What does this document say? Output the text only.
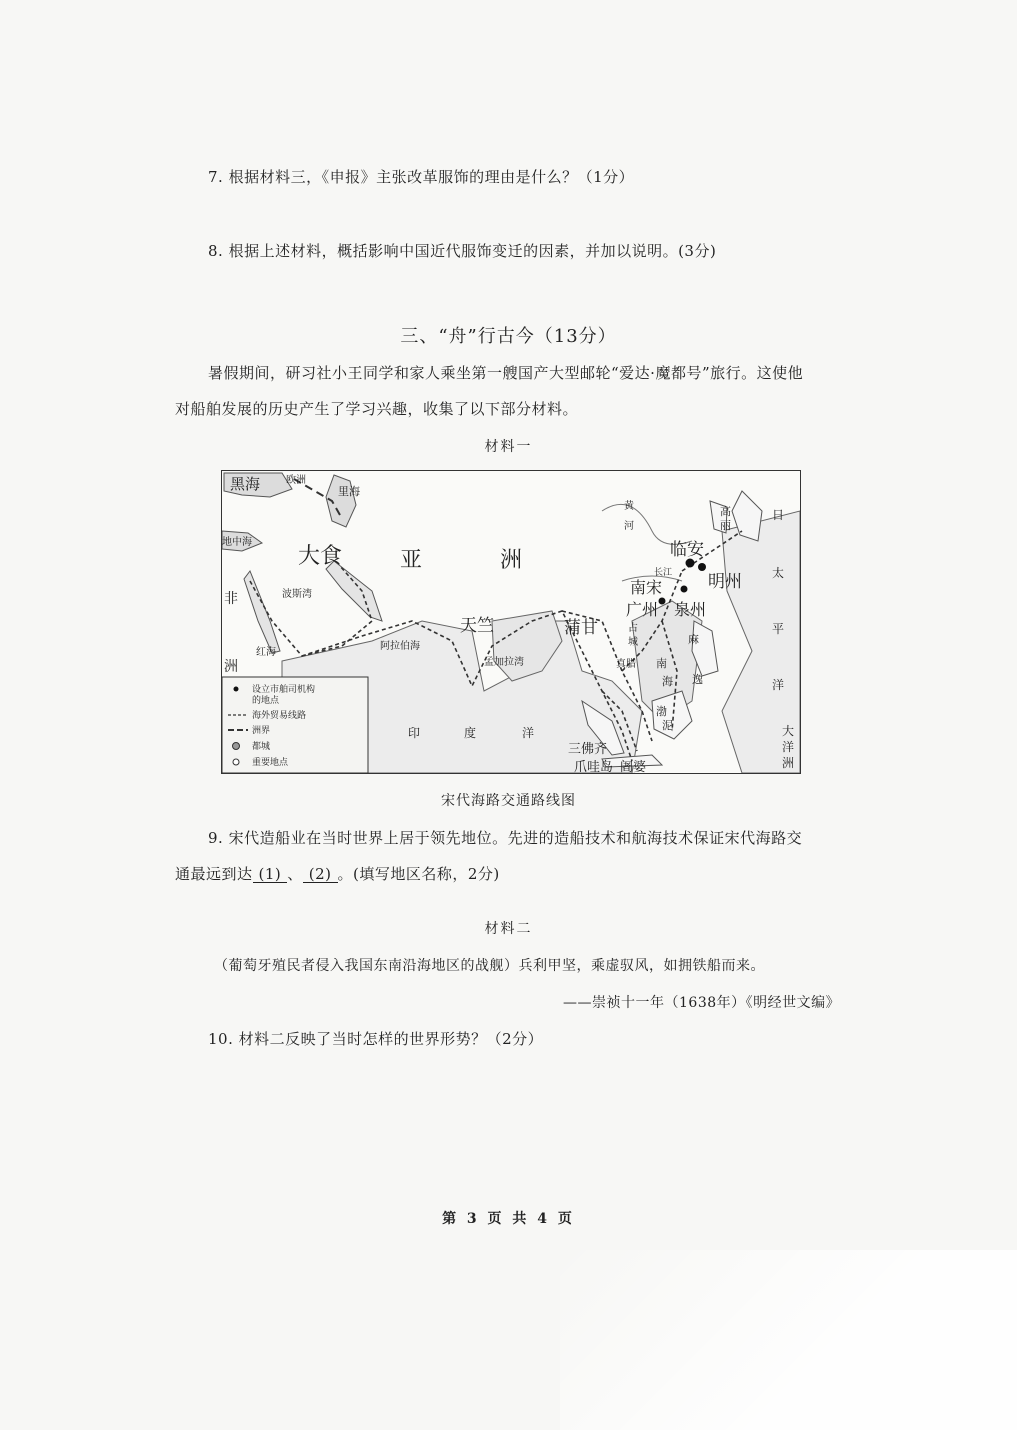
7. 根据材料三，《申报》主张改革服饰的理由是什么？（1分）
8. 根据上述材料，概括影响中国近代服饰变迁的因素，并加以说明。(3分)
三、“舟”行古今（13分）
暑假期间，研习社小王同学和家人乘坐第一艘国产大型邮轮“爱达·魔都号”旅行。这使他
对船舶发展的历史产生了学习兴趣，收集了以下部分材料。
材料一
黑海	欧洲
里海
地中海
大食	亚	洲
波斯湾
非
洲
红海
阿拉伯海
天竺
孟加拉湾
蒲甘
印	度	洋
三佛齐
爪哇岛 阇婆
黄
河
临安
长江
南宋	明州
广州 泉州
高
丽
日
太
平
洋
大
洋
洲
南
海
渤
泥
麻
逸
真腊
占
城
设立市舶司机构
的地点
海外贸易线路
洲界
都城
重要地点
宋代海路交通路线图
9. 宋代造船业在当时世界上居于领先地位。先进的造船技术和航海技术保证宋代海路交
通最远到达 (1) 、 (2) 。(填写地区名称，2分)
材料二
（葡萄牙殖民者侵入我国东南沿海地区的战舰）兵利甲坚，乘虚驭风，如拥铁船而来。
——崇祯十一年（1638年）《明经世文编》
10. 材料二反映了当时怎样的世界形势？（2分）
第 3 页 共 4 页
